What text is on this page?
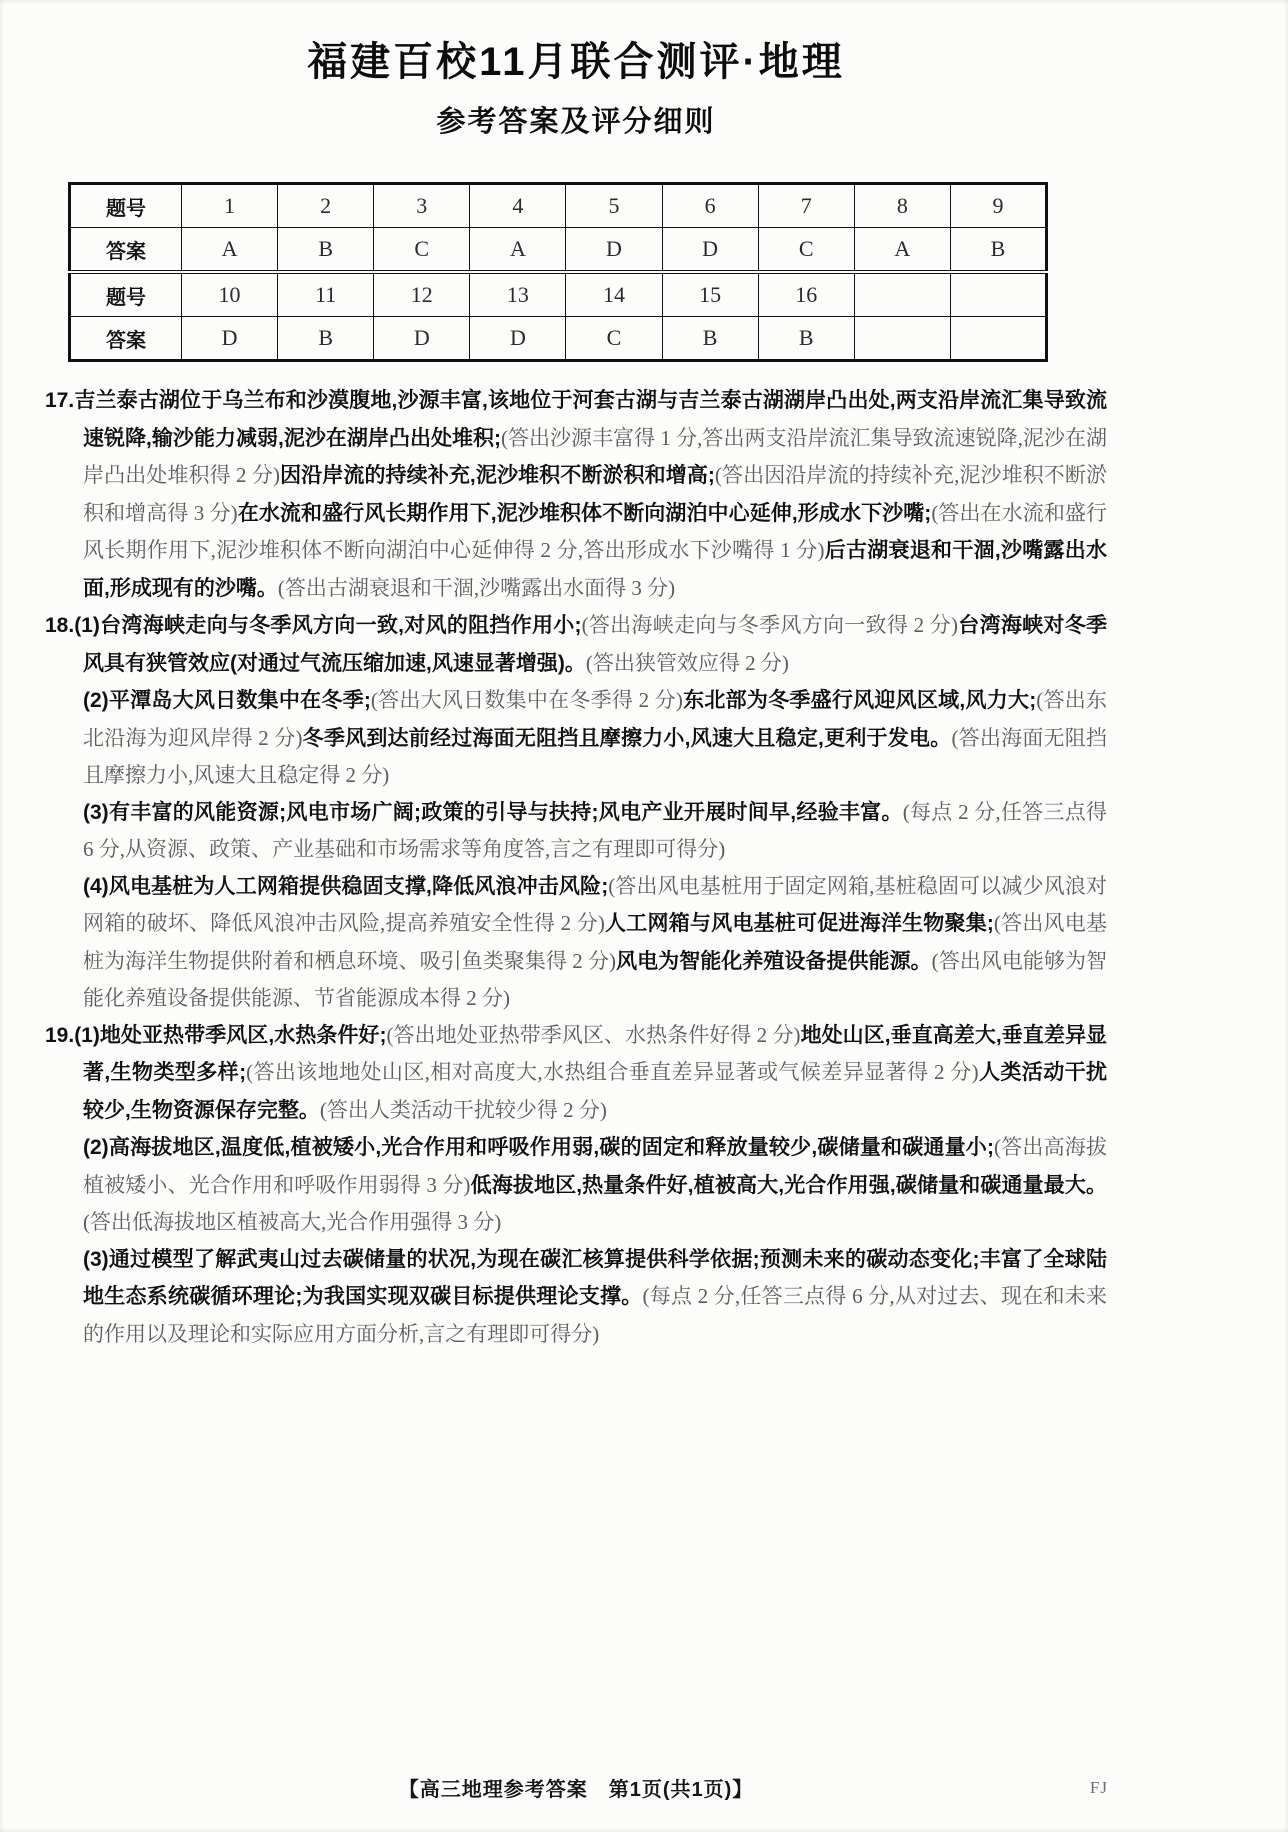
福建百校11月联合测评·地理
参考答案及评分细则
题号	1	2	3	4	5	6	7	8	9
答案	A	B	C	A	D	D	C	A	B
题号	10	11	12	13	14	15	16		
答案	D	B	D	D	C	B	B		
17.吉兰泰古湖位于乌兰布和沙漠腹地,沙源丰富,该地位于河套古湖与吉兰泰古湖湖岸凸出处,两支沿岸流汇集导致流速锐降,输沙能力减弱,泥沙在湖岸凸出处堆积;(答出沙源丰富得 1 分,答出两支沿岸流汇集导致流速锐降,泥沙在湖岸凸出处堆积得 2 分)因沿岸流的持续补充,泥沙堆积不断淤积和增高;(答出因沿岸流的持续补充,泥沙堆积不断淤积和增高得 3 分)在水流和盛行风长期作用下,泥沙堆积体不断向湖泊中心延伸,形成水下沙嘴;(答出在水流和盛行风长期作用下,泥沙堆积体不断向湖泊中心延伸得 2 分,答出形成水下沙嘴得 1 分)后古湖衰退和干涸,沙嘴露出水面,形成现有的沙嘴。(答出古湖衰退和干涸,沙嘴露出水面得 3 分)
18.(1)台湾海峡走向与冬季风方向一致,对风的阻挡作用小;(答出海峡走向与冬季风方向一致得 2 分)台湾海峡对冬季风具有狭管效应(对通过气流压缩加速,风速显著增强)。(答出狭管效应得 2 分)
(2)平潭岛大风日数集中在冬季;(答出大风日数集中在冬季得 2 分)东北部为冬季盛行风迎风区域,风力大;(答出东北沿海为迎风岸得 2 分)冬季风到达前经过海面无阻挡且摩擦力小,风速大且稳定,更利于发电。(答出海面无阻挡且摩擦力小,风速大且稳定得 2 分)
(3)有丰富的风能资源;风电市场广阔;政策的引导与扶持;风电产业开展时间早,经验丰富。(每点 2 分,任答三点得 6 分,从资源、政策、产业基础和市场需求等角度答,言之有理即可得分)
(4)风电基桩为人工网箱提供稳固支撑,降低风浪冲击风险;(答出风电基桩用于固定网箱,基桩稳固可以减少风浪对网箱的破坏、降低风浪冲击风险,提高养殖安全性得 2 分)人工网箱与风电基桩可促进海洋生物聚集;(答出风电基桩为海洋生物提供附着和栖息环境、吸引鱼类聚集得 2 分)风电为智能化养殖设备提供能源。(答出风电能够为智能化养殖设备提供能源、节省能源成本得 2 分)
19.(1)地处亚热带季风区,水热条件好;(答出地处亚热带季风区、水热条件好得 2 分)地处山区,垂直高差大,垂直差异显著,生物类型多样;(答出该地地处山区,相对高度大,水热组合垂直差异显著或气候差异显著得 2 分)人类活动干扰较少,生物资源保存完整。(答出人类活动干扰较少得 2 分)
(2)高海拔地区,温度低,植被矮小,光合作用和呼吸作用弱,碳的固定和释放量较少,碳储量和碳通量小;(答出高海拔植被矮小、光合作用和呼吸作用弱得 3 分)低海拔地区,热量条件好,植被高大,光合作用强,碳储量和碳通量最大。(答出低海拔地区植被高大,光合作用强得 3 分)
(3)通过模型了解武夷山过去碳储量的状况,为现在碳汇核算提供科学依据;预测未来的碳动态变化;丰富了全球陆地生态系统碳循环理论;为我国实现双碳目标提供理论支撑。(每点 2 分,任答三点得 6 分,从对过去、现在和未来的作用以及理论和实际应用方面分析,言之有理即可得分)
【高三地理参考答案　第1页(共1页)】	FJ
